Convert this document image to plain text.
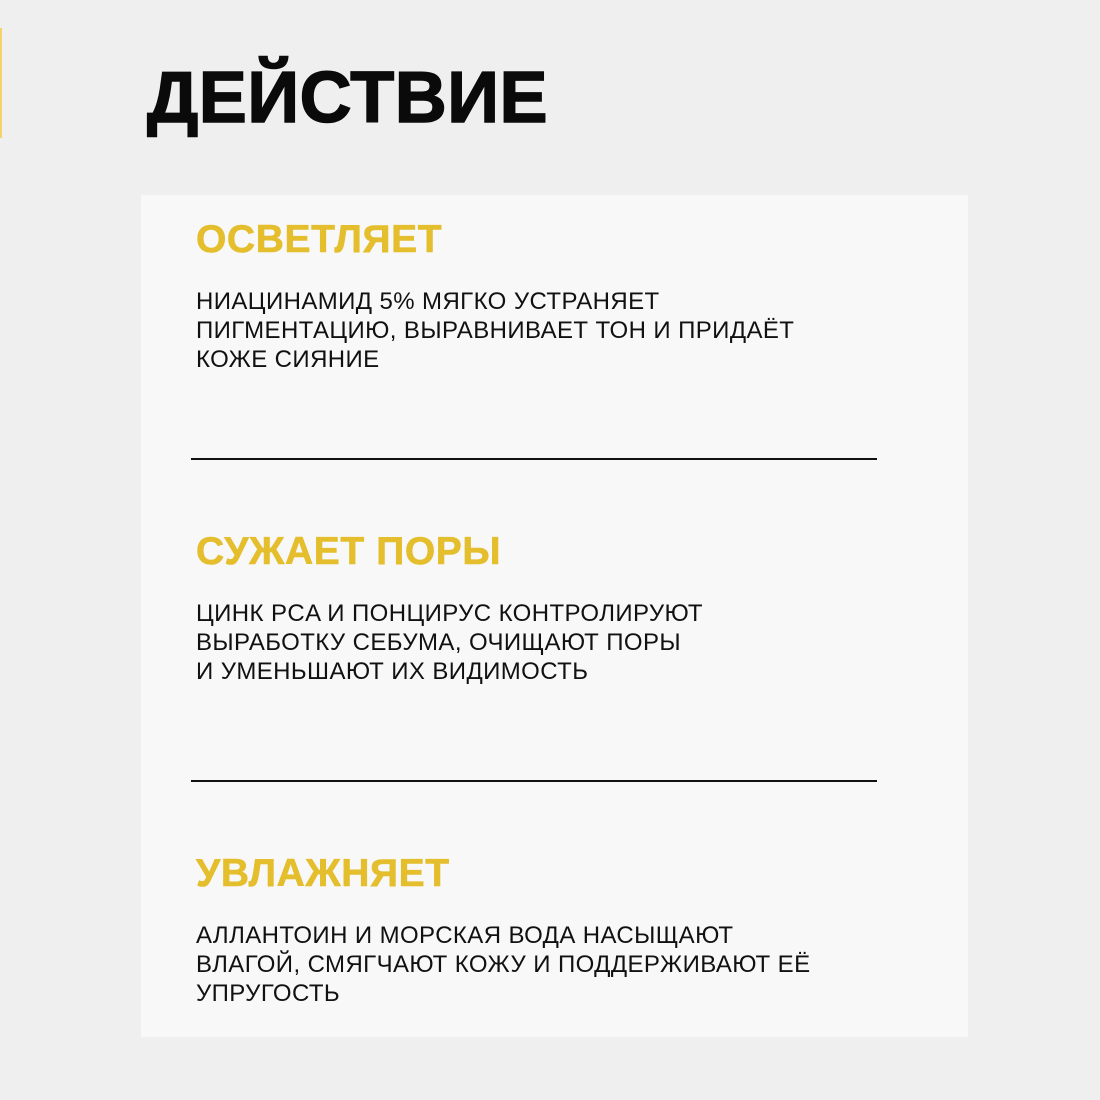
ДЕЙСТВИЕ
ОСВЕТЛЯЕТ

НИАЦИНАМИД 5% МЯГКО УСТРАНЯЕТ
ПИГМЕНТАЦИЮ, ВЫРАВНИВАЕТ ТОН И ПРИДАЁТ
КОЖЕ СИЯНИЕ

СУЖАЕТ ПОРЫ

ЦИНК PCA И ПОНЦИРУС КОНТРОЛИРУЮТ
ВЫРАБОТКУ СЕБУМА, ОЧИЩАЮТ ПОРЫ
И УМЕНЬШАЮТ ИХ ВИДИМОСТЬ

УВЛАЖНЯЕТ

АЛЛАНТОИН И МОРСКАЯ ВОДА НАСЫЩАЮТ
ВЛАГОЙ, СМЯГЧАЮТ КОЖУ И ПОДДЕРЖИВАЮТ ЕЁ
УПРУГОСТЬ
